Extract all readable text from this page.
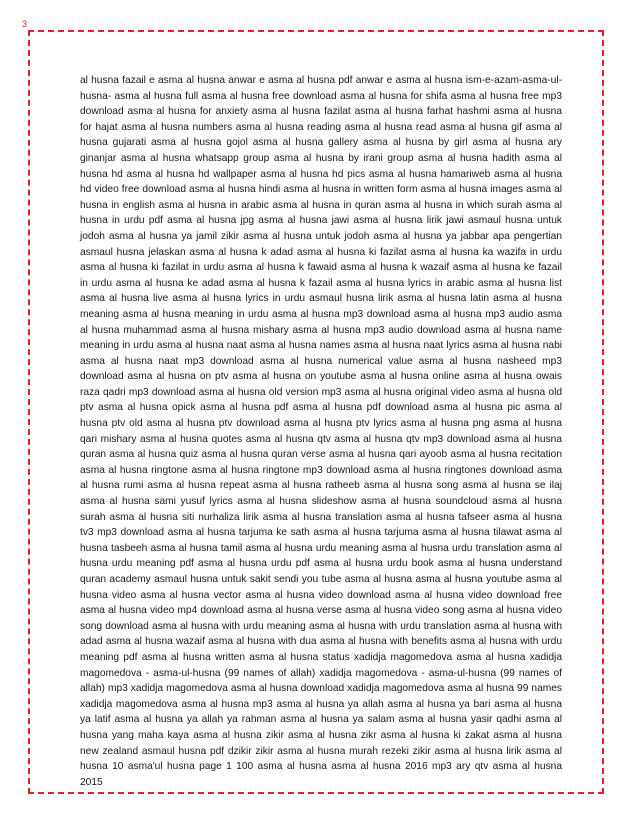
3

al husna fazail e asma al husna anwar e asma al husna pdf anwar e asma al husna ism-e-azam-asma-ul-husna- asma al husna full asma al husna free download asma al husna for shifa asma al husna free mp3 download asma al husna for anxiety asma al husna fazilat asma al husna farhat hashmi asma al husna for hajat asma al husna numbers asma al husna reading asma al husna read asma al husna gif asma al husna gujarati asma al husna gojol asma al husna gallery asma al husna by girl asma al husna ary ginanjar asma al husna whatsapp group asma al husna by irani group asma al husna hadith asma al husna hd asma al husna hd wallpaper asma al husna hd pics asma al husna hamariweb asma al husna hd video free download asma al husna hindi asma al husna in written form asma al husna images asma al husna in english asma al husna in arabic asma al husna in quran asma al husna in which surah asma al husna in urdu pdf asma al husna jpg asma al husna jawi asma al husna lirik jawi asmaul husna untuk jodoh asma al husna ya jamil zikir asma al husna untuk jodoh asma al husna ya jabbar apa pengertian asmaul husna jelaskan asma al husna k adad asma al husna ki fazilat asma al husna ka wazifa in urdu asma al husna ki fazilat in urdu asma al husna k fawaid asma al husna k wazaif asma al husna ke fazail in urdu asma al husna ke adad asma al husna k fazail asma al husna lyrics in arabic asma al husna list asma al husna live asma al husna lyrics in urdu asmaul husna lirik asma al husna latin asma al husna meaning asma al husna meaning in urdu asma al husna mp3 download asma al husna mp3 audio asma al husna muhammad asma al husna mishary asma al husna mp3 audio download asma al husna name meaning in urdu asma al husna naat asma al husna names asma al husna naat lyrics asma al husna nabi asma al husna naat mp3 download asma al husna numerical value asma al husna nasheed mp3 download asma al husna on ptv asma al husna on youtube asma al husna online asma al husna owais raza qadri mp3 download asma al husna old version mp3 asma al husna original video asma al husna old ptv asma al husna opick asma al husna pdf asma al husna pdf download asma al husna pic asma al husna ptv old asma al husna ptv download asma al husna ptv lyrics asma al husna png asma al husna qari mishary asma al husna quotes asma al husna qtv asma al husna qtv mp3 download asma al husna quran asma al husna quiz asma al husna quran verse asma al husna qari ayoob asma al husna recitation asma al husna ringtone asma al husna ringtone mp3 download asma al husna ringtones download asma al husna rumi asma al husna repeat asma al husna ratheeb asma al husna song asma al husna se ilaj asma al husna sami yusuf lyrics asma al husna slideshow asma al husna soundcloud asma al husna surah asma al husna siti nurhaliza lirik asma al husna translation asma al husna tafseer asma al husna tv3 mp3 download asma al husna tarjuma ke sath asma al husna tarjuma asma al husna tilawat asma al husna tasbeeh asma al husna tamil asma al husna urdu meaning asma al husna urdu translation asma al husna urdu meaning pdf asma al husna urdu pdf asma al husna urdu book asma al husna understand quran academy asmaul husna untuk sakit sendi you tube asma al husna asma al husna youtube asma al husna video asma al husna vector asma al husna video download asma al husna video download free asma al husna video mp4 download asma al husna verse asma al husna video song asma al husna video song download asma al husna with urdu meaning asma al husna with urdu translation asma al husna with adad asma al husna wazaif asma al husna with dua asma al husna with benefits asma al husna with urdu meaning pdf asma al husna written asma al husna status xadidja magomedova asma al husna xadidja magomedova - asma-ul-husna (99 names of allah) xadidja magomedova - asma-ul-husna (99 names of allah) mp3 xadidja magomedova asma al husna download xadidja magomedova asma al husna 99 names xadidja magomedova asma al husna mp3 asma al husna ya allah asma al husna ya bari asma al husna ya latif asma al husna ya allah ya rahman asma al husna ya salam asma al husna yasir qadhi asma al husna yang maha kaya asma al husna zikir asma al husna zikr asma al husna ki zakat asma al husna new zealand asmaul husna pdf dzikir zikir asma al husna murah rezeki zikir asma al husna lirik asma al husna 10 asma'ul husna page 1 100 asma al husna asma al husna 2016 mp3 ary qtv asma al husna 2015
